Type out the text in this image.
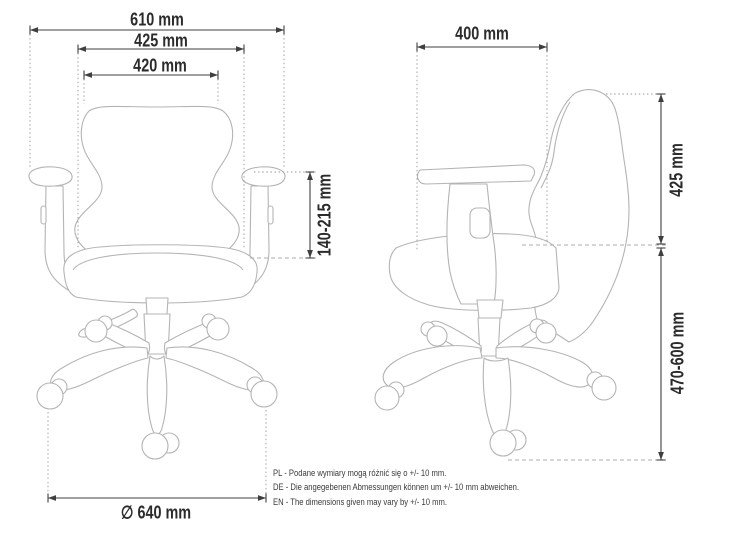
610 mm
425 mm
420 mm
140-215 mm
∅ 640 mm
400 mm
425 mm
470-600 mm
PL - Podane wymiary mogą różnić się o +/- 10 mm.
DE - Die angegebenen Abmessungen können um +/- 10 mm abweichen.
EN - The dimensions given may vary by +/- 10 mm.
